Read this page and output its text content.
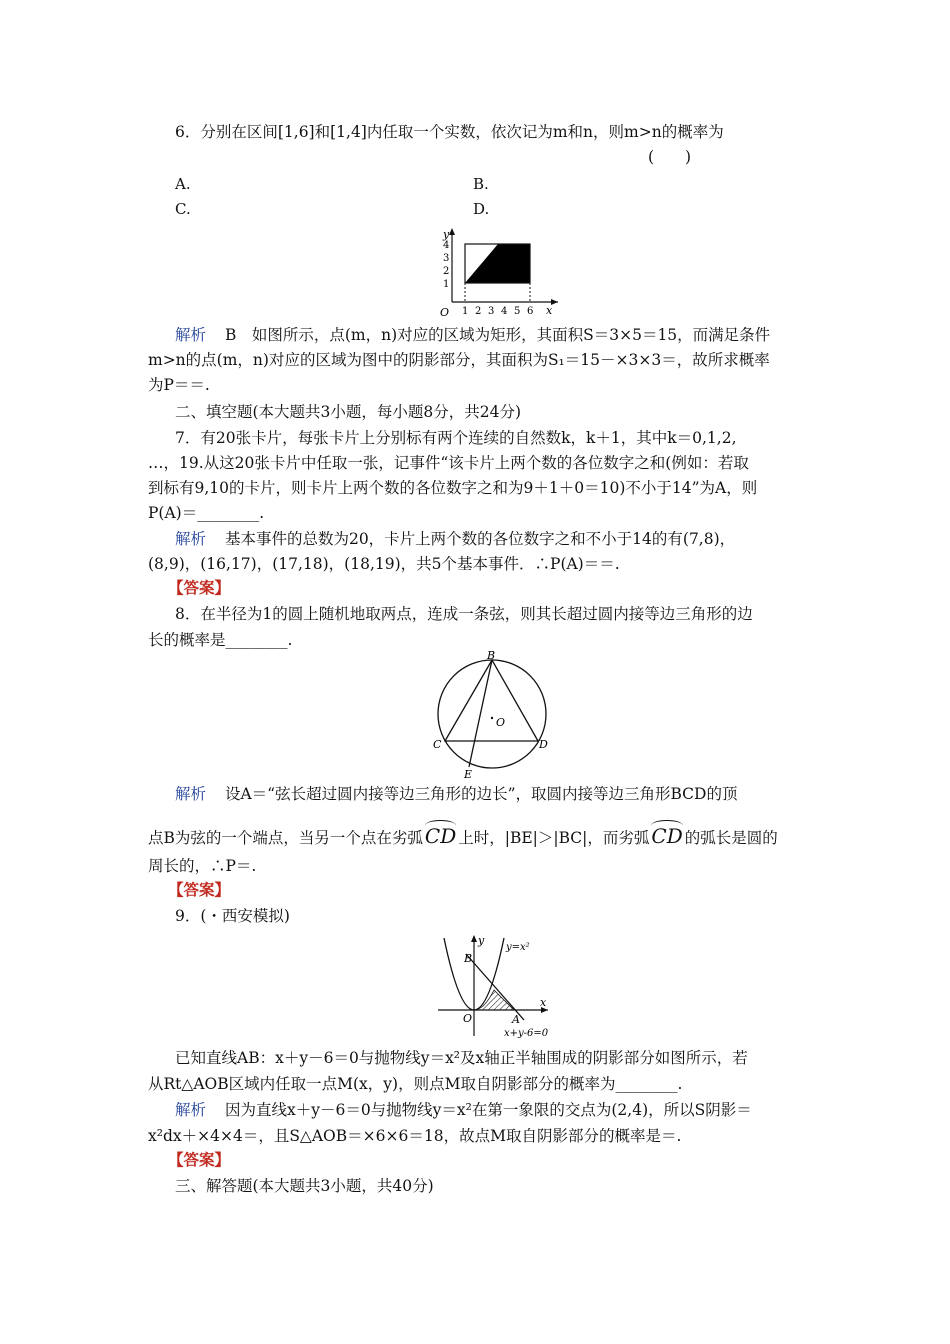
6．分别在区间[1,6]和[1,4]内任取一个实数，依次记为m和n，则m>n的概率为
(　　)
A.	B.
C.	D.
y
x
O
4
3
2
1
1 2 3 4 5 6
解析 B　如图所示，点(m，n)对应的区域为矩形，其面积S＝3×5＝15，而满足条件
m>n的点(m，n)对应的区域为图中的阴影部分，其面积为S₁＝15－×3×3＝，故所求概率
为P＝＝.
二、填空题(本大题共3小题，每小题8分，共24分)
7．有20张卡片，每张卡片上分别标有两个连续的自然数k，k＋1，其中k＝0,1,2,
…，19.从这20张卡片中任取一张，记事件“该卡片上两个数的各位数字之和(例如：若取
到标有9,10的卡片，则卡片上两个数的各位数字之和为9＋1＋0＝10)不小于14”为A，则
P(A)＝________.
解析 基本事件的总数为20，卡片上两个数的各位数字之和不小于14的有(7,8)，
(8,9)，(16,17)，(17,18)，(18,19)，共5个基本事件．∴P(A)＝＝.
【答案】
8．在半径为1的圆上随机地取两点，连成一条弦，则其长超过圆内接等边三角形的边
长的概率是________.
B
O
C	D
E
解析 设A＝“弦长超过圆内接等边三角形的边长”，取圆内接等边三角形BCD的顶
点B为弦的一个端点，当另一个点在劣弧 CD 上时，|BE|＞|BC|，而劣弧 CD 的弧长是圆的
周长的，∴P＝.
【答案】
9．(・西安模拟)
y
y=x²
B
x
O	A
x+y-6=0
已知直线AB：x＋y－6＝0与抛物线y＝x²及x轴正半轴围成的阴影部分如图所示，若
从Rt△AOB区域内任取一点M(x，y)，则点M取自阴影部分的概率为________.
解析 因为直线x＋y－6＝0与抛物线y＝x²在第一象限的交点为(2,4)，所以S阴影＝
x²dx＋×4×4＝，且S△AOB＝×6×6＝18，故点M取自阴影部分的概率是＝.
【答案】
三、解答题(本大题共3小题，共40分)
